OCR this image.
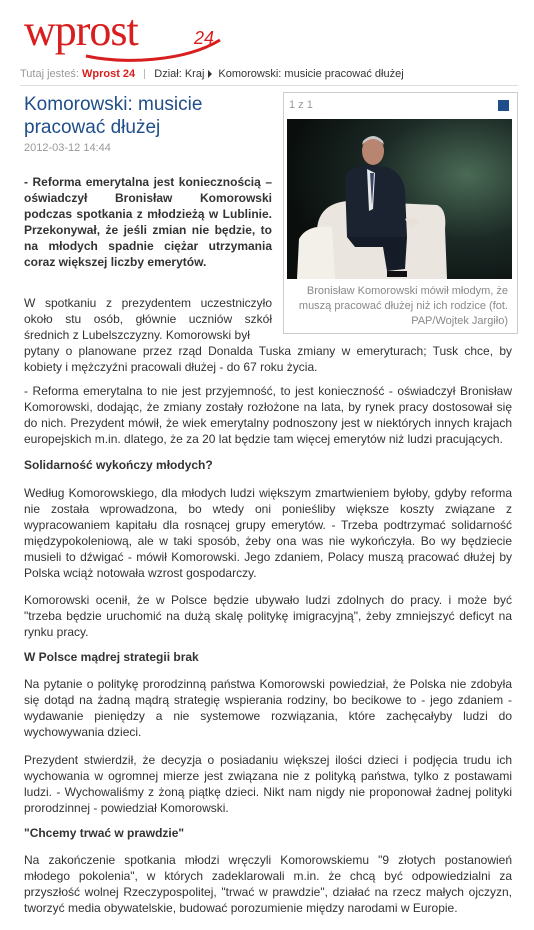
wprost	24
Tutaj jesteś: Wprost 24 Dział: Kraj Komorowski: musicie pracować dłużej
Komorowski: musicie pracować dłużej
2012-03-12 14:44

- Reforma emerytalna jest koniecznością – oświadczył Bronisław Komorowski podczas spotkania z młodzieżą w Lublinie. Przekonywał, że jeśli zmian nie będzie, to na młodych spadnie ciężar utrzymania coraz większej liczby emerytów.

1 z 1
Bronisław Komorowski mówił młodym, że muszą pracować dłużej niż ich rodzice (fot. PAP/Wojtek Jargiło)
W spotkaniu z prezydentem uczestniczyło około stu osób, głównie uczniów szkół średnich z Lubelszczyzny. Komorowski był
pytany o planowane przez rząd Donalda Tuska zmiany w emeryturach; Tusk chce, by kobiety i mężczyźni pracowali dłużej - do 67 roku życia.

- Reforma emerytalna to nie jest przyjemność, to jest konieczność - oświadczył Bronisław Komorowski, dodając, że zmiany zostały rozłożone na lata, by rynek pracy dostosował się do nich. Prezydent mówił, że wiek emerytalny podnoszony jest w niektórych innych krajach europejskich m.in. dlatego, że za 20 lat będzie tam więcej emerytów niż ludzi pracujących.

Solidarność wykończy młodych?

Według Komorowskiego, dla młodych ludzi większym zmartwieniem byłoby, gdyby reforma nie została wprowadzona, bo wtedy oni ponieśliby większe koszty związane z wypracowaniem kapitału dla rosnącej grupy emerytów. - Trzeba podtrzymać solidarność międzypokoleniową, ale w taki sposób, żeby ona was nie wykończyła. Bo wy będziecie musieli to dźwigać - mówił Komorowski. Jego zdaniem, Polacy muszą pracować dłużej by Polska wciąż notowała wzrost gospodarczy.

Komorowski ocenił, że w Polsce będzie ubywało ludzi zdolnych do pracy. i może być "trzeba będzie uruchomić na dużą skalę politykę imigracyjną", żeby zmniejszyć deficyt na rynku pracy.

W Polsce mądrej strategii brak

Na pytanie o politykę prorodzinną państwa Komorowski powiedział, że Polska nie zdobyła się dotąd na żadną mądrą strategię wspierania rodziny, bo becikowe to - jego zdaniem - wydawanie pieniędzy a nie systemowe rozwiązania, które zachęcałyby ludzi do wychowywania dzieci.

Prezydent stwierdził, że decyzja o posiadaniu większej ilości dzieci i podjęcia trudu ich wychowania w ogromnej mierze jest związana nie z polityką państwa, tylko z postawami ludzi. - Wychowaliśmy z żoną piątkę dzieci. Nikt nam nigdy nie proponował żadnej polityki prorodzinnej - powiedział Komorowski.

"Chcemy trwać w prawdzie"

Na zakończenie spotkania młodzi wręczyli Komorowskiemu "9 złotych postanowień młodego pokolenia", w których zadeklarowali m.in. że chcą być odpowiedzialni za przyszłość wolnej Rzeczypospolitej, "trwać w prawdzie", działać na rzecz małych ojczyzn, tworzyć media obywatelskie, budować porozumienie między narodami w Europie.
